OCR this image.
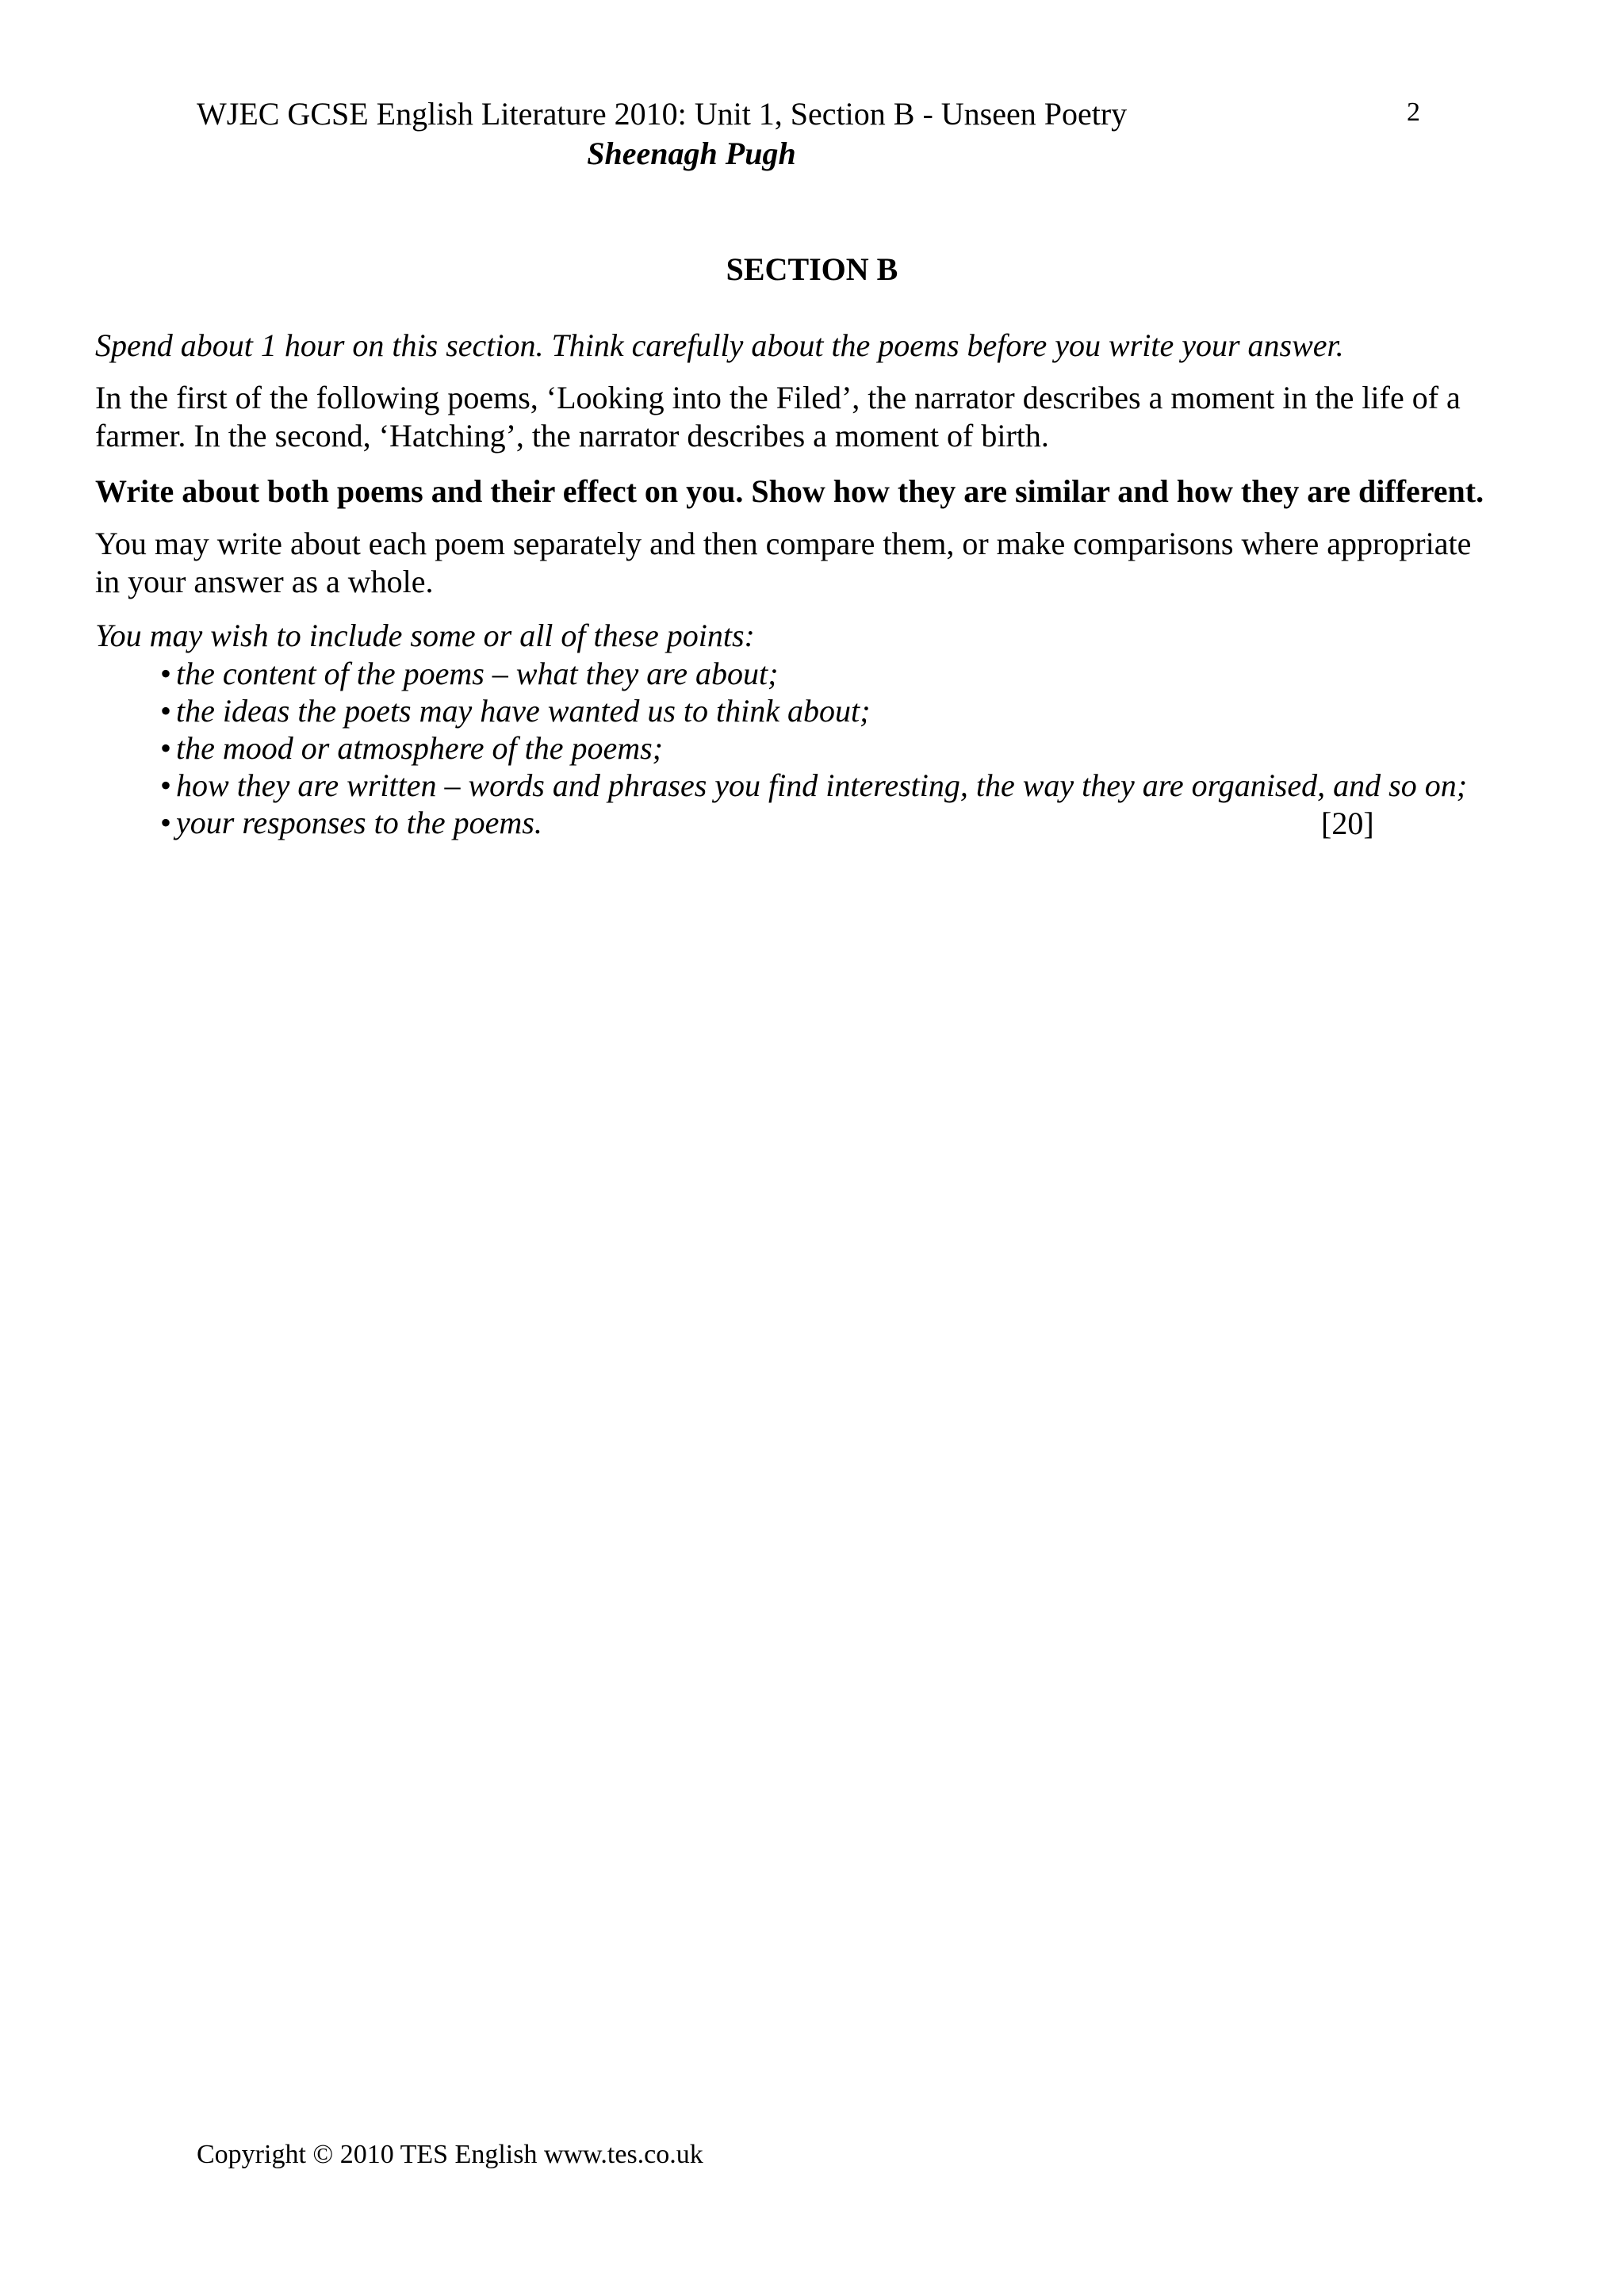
WJEC GCSE English Literature 2010: Unit 1, Section B - Unseen Poetry	2
Sheenagh Pugh
SECTION B
Spend about 1 hour on this section. Think carefully about the poems before you write your answer.
In the first of the following poems, ‘Looking into the Filed’, the narrator describes a moment in the life of a
farmer. In the second, ‘Hatching’, the narrator describes a moment of birth.
Write about both poems and their effect on you. Show how they are similar and how they are different.
You may write about each poem separately and then compare them, or make comparisons where appropriate
in your answer as a whole.
You may wish to include some or all of these points:
• the content of the poems – what they are about;
• the ideas the poets may have wanted us to think about;
• the mood or atmosphere of the poems;
• how they are written – words and phrases you find interesting, the way they are organised, and so on;
• your responses to the poems.	[20]
Copyright © 2010 TES English www.tes.co.uk
